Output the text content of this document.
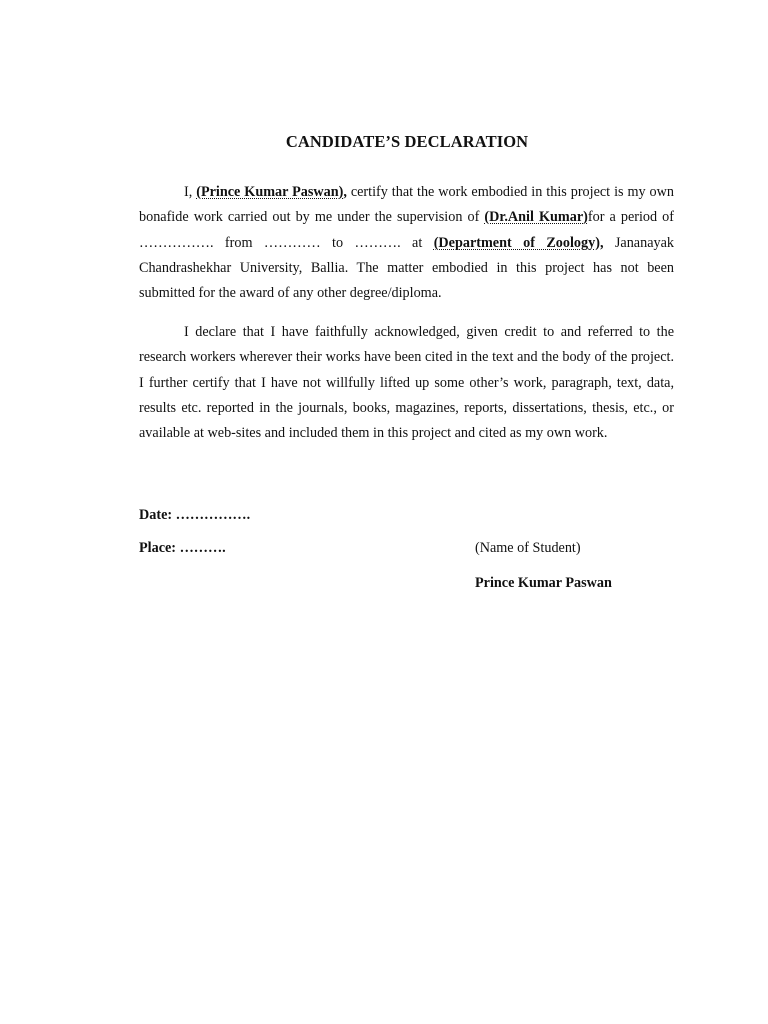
CANDIDATE’S DECLARATION

I, (Prince Kumar Paswan), certify that the work embodied in this project is my own bonafide work carried out by me under the supervision of (Dr.Anil Kumar)for a period of ……………. from ………… to ………. at (Department of Zoology), Jananayak Chandrashekhar University, Ballia. The matter embodied in this project has not been submitted for the award of any other degree/diploma.

I declare that I have faithfully acknowledged, given credit to and referred to the research workers wherever their works have been cited in the text and the body of the project. I further certify that I have not willfully lifted up some other’s work, paragraph, text, data, results etc. reported in the journals, books, magazines, reports, dissertations, thesis, etc., or available at web-sites and included them in this project and cited as my own work.

Date: …………….
Place: ……….	(Name of Student)
Prince Kumar Paswan
